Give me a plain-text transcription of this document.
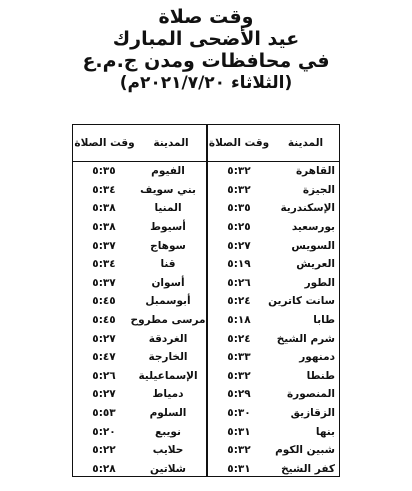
وقت صلاة
عيد الأضحى المبارك
في محافظات ومدن ج.م.ع
(الثلاثاء ٢٠٢١/٧/٢٠م)
المدينة
وقت الصلاة
المدينة
وقت الصلاة
القاهرة
٥:٣٢
الفيوم
٥:٣٥
الجيزة
٥:٣٢
بني سويف
٥:٣٤
الإسكندرية
٥:٣٥
المنيا
٥:٣٨
بورسعيد
٥:٢٥
أسيوط
٥:٣٨
السويس
٥:٢٧
سوهاج
٥:٣٧
العريش
٥:١٩
قنا
٥:٣٤
الطور
٥:٢٦
أسوان
٥:٣٧
سانت كاترين
٥:٢٤
أبوسمبل
٥:٤٥
طابا
٥:١٨
مرسى مطروح
٥:٤٥
شرم الشيخ
٥:٢٤
الغردقة
٥:٢٧
دمنهور
٥:٣٣
الخارجة
٥:٤٧
طنطا
٥:٣٢
الإسماعيلية
٥:٢٦
المنصورة
٥:٢٩
دمياط
٥:٢٧
الزقازيق
٥:٣٠
السلوم
٥:٥٣
بنها
٥:٣١
نويبع
٥:٢٠
شبين الكوم
٥:٣٢
حلايب
٥:٢٢
كفر الشيخ
٥:٣١
شلاتين
٥:٢٨
